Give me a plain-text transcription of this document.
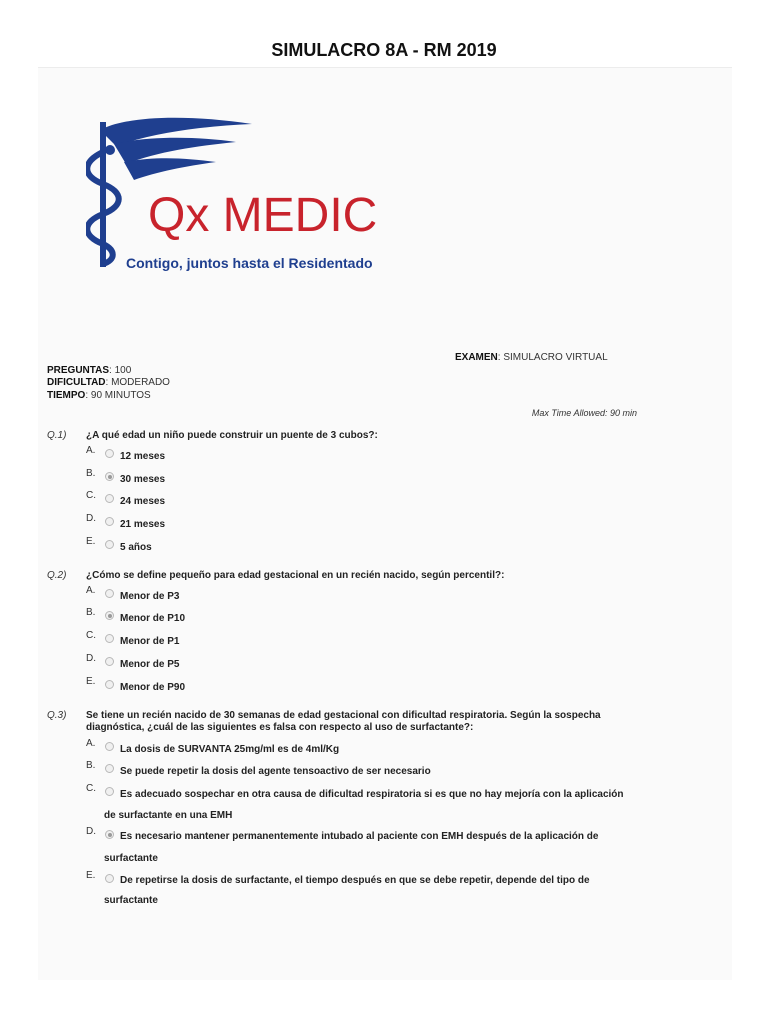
SIMULACRO 8A - RM 2019
Qx MEDIC
Contigo, juntos hasta el Residentado
EXAMEN: SIMULACRO VIRTUAL
PREGUNTAS: 100
DIFICULTAD: MODERADO
TIEMPO: 90 MINUTOS
Max Time Allowed: 90 min
Q.1) ¿A qué edad un niño puede construir un puente de 3 cubos?:
A.
12 meses
B.
30 meses
C.
24 meses
D.
21 meses
E.
5 años
Q.2) ¿Cómo se define pequeño para edad gestacional en un recién nacido, según percentil?:
A.
Menor de P3
B.
Menor de P10
C.
Menor de P1
D.
Menor de P5
E.
Menor de P90
Q.3) Se tiene un recién nacido de 30 semanas de edad gestacional con dificultad respiratoria. Según la sospecha
diagnóstica, ¿cuál de las siguientes es falsa con respecto al uso de surfactante?:
A.
La dosis de SURVANTA 25mg/ml es de 4ml/Kg
B.
Se puede repetir la dosis del agente tensoactivo de ser necesario
C.
Es adecuado sospechar en otra causa de dificultad respiratoria si es que no hay mejoría con la aplicación
de surfactante en una EMH
D. Es necesario mantener permanentemente intubado al paciente con EMH después de la aplicación de
surfactante
E. De repetirse la dosis de surfactante, el tiempo después en que se debe repetir, depende del tipo de
surfactante
